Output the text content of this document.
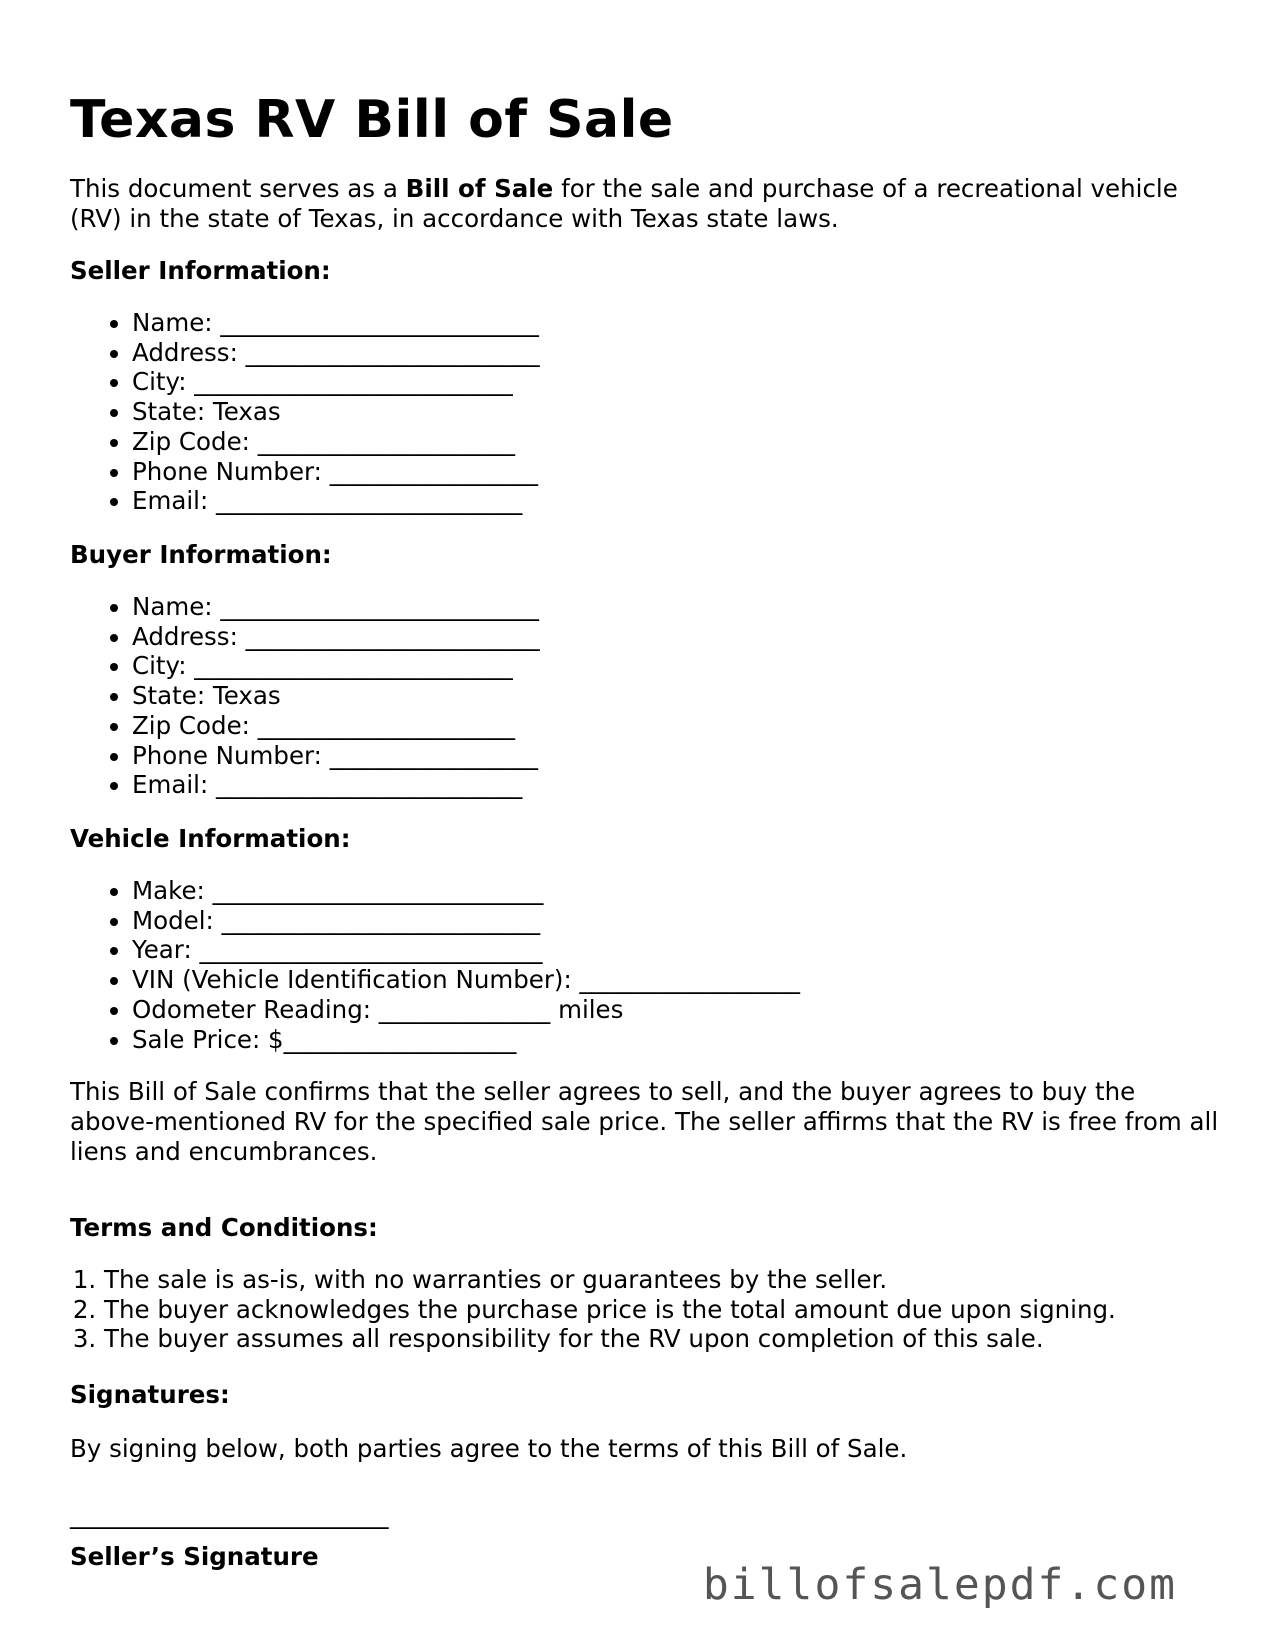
Texas RV Bill of Sale
This document serves as a Bill of Sale for the sale and purchase of a recreational vehicle (RV) in the state of Texas, in accordance with Texas state laws.
Seller Information:
• Name: __________________________
• Address: ________________________
• City: __________________________
• State: Texas
• Zip Code: _____________________
• Phone Number: _________________
• Email: _________________________
Buyer Information:
• Name: __________________________
• Address: ________________________
• City: __________________________
• State: Texas
• Zip Code: _____________________
• Phone Number: _________________
• Email: _________________________
Vehicle Information:
• Make: ___________________________
• Model: __________________________
• Year: ____________________________
• VIN (Vehicle Identification Number): __________________
• Odometer Reading: ______________ miles
• Sale Price: $___________________
This Bill of Sale confirms that the seller agrees to sell, and the buyer agrees to buy the above-mentioned RV for the specified sale price. The seller affirms that the RV is free from all liens and encumbrances.
Terms and Conditions:
1. The sale is as-is, with no warranties or guarantees by the seller.
2. The buyer acknowledges the purchase price is the total amount due upon signing.
3. The buyer assumes all responsibility for the RV upon completion of this sale.
Signatures:
By signing below, both parties agree to the terms of this Bill of Sale.
__________________________
Seller’s Signature
billofsalepdf.com
